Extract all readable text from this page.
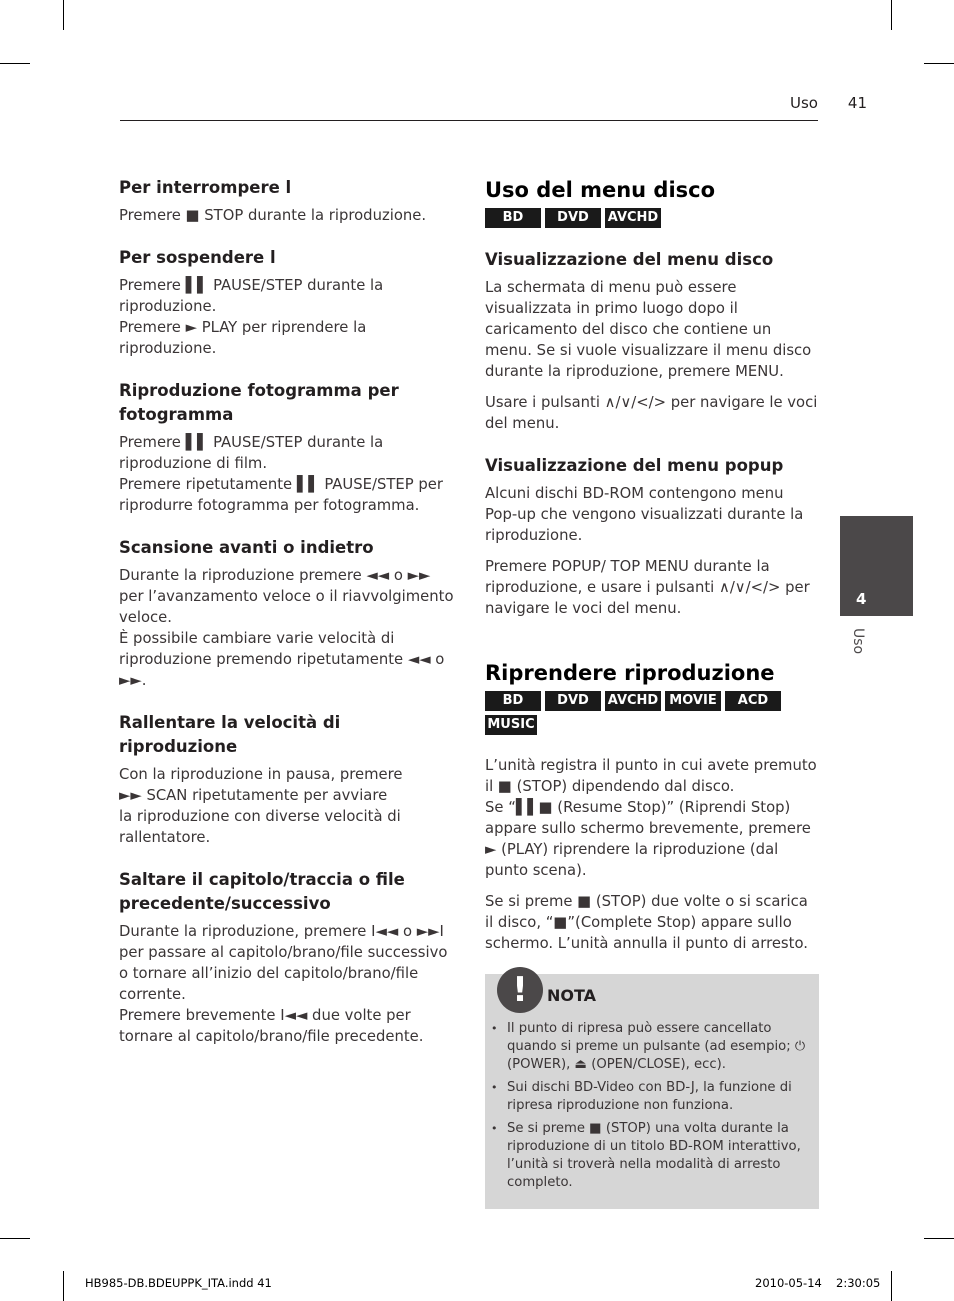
Uso 41
Per interrompere l

Premere ■ STOP durante la riproduzione.

Per sospendere l

Premere ▌▌ PAUSE/STEP durante la
riproduzione.
Premere ► PLAY per riprendere la riproduzione.

Riproduzione fotogramma per fotogramma

Premere ▌▌ PAUSE/STEP durante la
riproduzione di film.
Premere ripetutamente ▌▌ PAUSE/STEP per
riprodurre fotogramma per fotogramma.

Scansione avanti o indietro

Durante la riproduzione premere ◄◄ o ►►
per l’avanzamento veloce o il riavvolgimento
veloce.
È possibile cambiare varie velocità di
riproduzione premendo ripetutamente ◄◄ o
►►.

Rallentare la velocità di riproduzione

Con la riproduzione in pausa, premere
►► SCAN ripetutamente per avviare
la riproduzione con diverse velocità di
rallentatore.

Saltare il capitolo/traccia o file precedente/successivo

Durante la riproduzione, premere I◄◄ o ►►I
per passare al capitolo/brano/file successivo
o tornare all’inizio del capitolo/brano/file
corrente.
Premere brevemente I◄◄ due volte per
tornare al capitolo/brano/file precedente.

Uso del menu disco
BD	DVD	AVCHD
Visualizzazione del menu disco

La schermata di menu può essere visualizzata in primo luogo dopo il caricamento del disco che contiene un menu. Se si vuole visualizzare il menu disco durante la riproduzione, premere MENU.

Usare i pulsanti ∧/∨/</> per navigare le voci del menu.

Visualizzazione del menu popup

Alcuni dischi BD-ROM contengono menu Pop-up che vengono visualizzati durante la riproduzione.

Premere POPUP/ TOP MENU durante la riproduzione, e usare i pulsanti ∧/∨/</> per navigare le voci del menu.

Riprendere riproduzione
BD	DVD	AVCHD MOVIE	ACD
MUSIC

L’unità registra il punto in cui avete premuto il ■ (STOP) dipendendo dal disco.
Se “▌▌■ (Resume Stop)” (Riprendi Stop) appare sullo schermo brevemente, premere ► (PLAY) riprendere la riproduzione (dal punto scena).

Se si preme ■ (STOP) due volte o si scarica il disco, “■”(Complete Stop) appare sullo schermo. L’unità annulla il punto di arresto.

!	NOTA
• Il punto di ripresa può essere cancellato quando si preme un pulsante (ad esempio; ⏻ (POWER), ⏏ (OPEN/CLOSE), ecc).
• Sui dischi BD-Video con BD-J, la funzione di ripresa riproduzione non funziona.
• Se si preme ■ (STOP) una volta durante la riproduzione di un titolo BD-ROM interattivo, l’unità si troverà nella modalità di arresto completo.
4
Uso
HB985-DB.BDEUPPK_ITA.indd 41	2010-05-14 2:30:05
